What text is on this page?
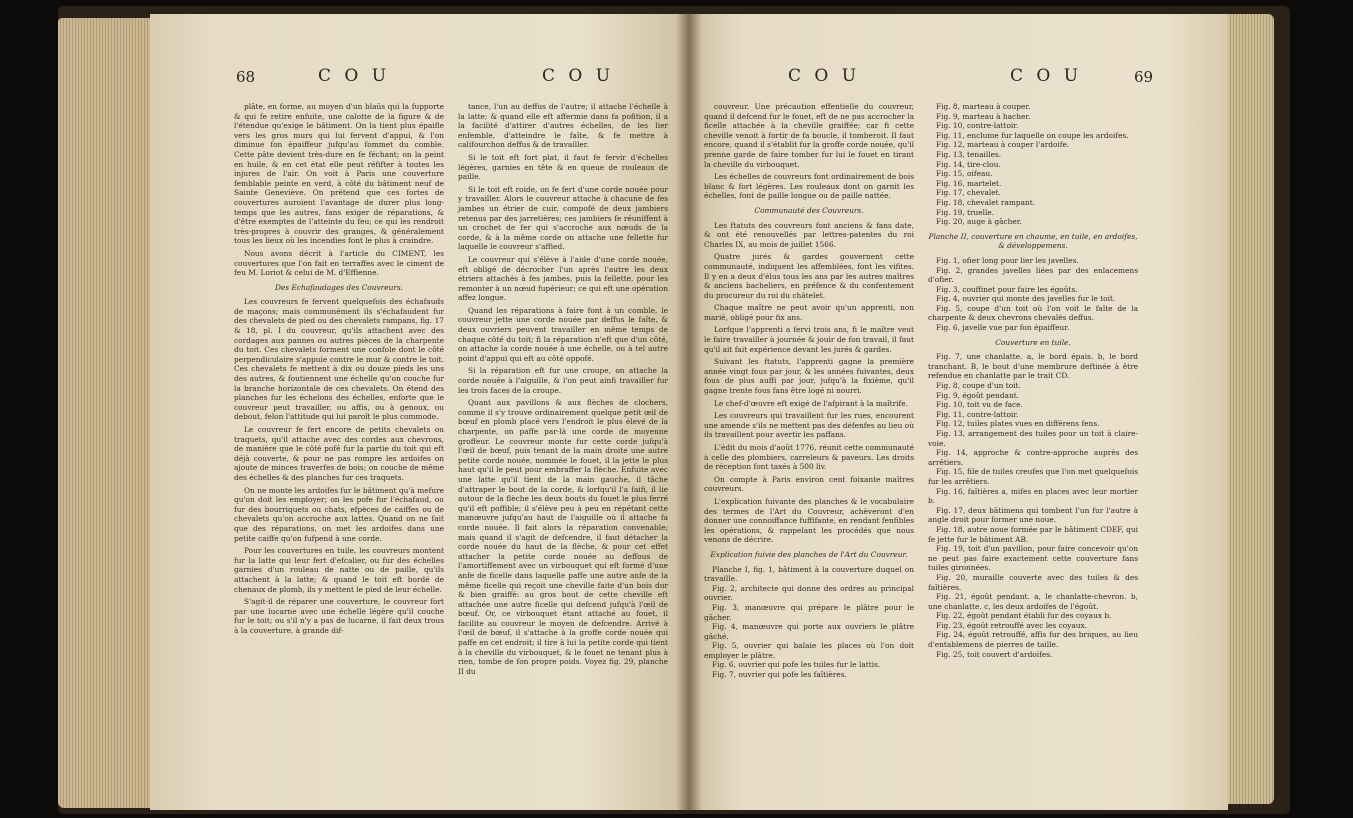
68	C O U	C O U

plâte, en forme, au moyen d'un blaûs qui la fupporte & qui fe retire enfuite, une calotte de la figure & de l'étendue qu'exige le bâtiment. On la tient plus épaifle vers les gros murs qui lui fervent d'appui, & l'on diminue fon épaiffeur jufqu'au fommet du comble. Cette pâte devient très-dure en fe féchant; on la peint en huile, & en cet état elle peut réfifter à toutes les injures de l'air. On voit à Paris une couverture femblable peinte en verd, à côté du bâtiment neuf de Sainte Geneviève. On prétend que ces fortes de couvertures auroient l'avantage de durer plus long-temps que les autres, fans exiger de réparations, & d'être exemptes de l'atteinte du feu; ce qui les rendroit très-propres à couvrir des granges, & généralement tous les lieux où les incendies font le plus à craindre.

Nous avons décrit à l'article du CIMENT, les couvertures que l'on fait en terraffes avec le ciment de feu M. Loriot & celui de M. d'Effienne.

Des Echafaudages des Couvreurs.

Les couvreurs fe fervent quelquefois des échafauds de maçons; mais communément ils s'échafaudent fur des chevalets de pied ou des chevalets rampans, fig. 17 & 18, pl. I du couvreur, qu'ils attachent avec des cordages aux pannes ou autres pièces de la charpente du toit. Ces chevalets forment une confole dont le côté perpendiculaire s'appuie contre le mur & contre le toit. Ces chevalets fe mettent à dix ou douze pieds les uns des autres, & foutiennent une échelle qu'on couche fur la branche horizontale de ces chevalets. On étend des planches fur les échelons des échelles, enforte que le couvreur peut travailler, ou affis, ou à genoux, ou debout, felon l'attitude qui lui paroît le plus commode.

Le couvreur fe fert encore de petits chevalets ou traquets, qu'il attache avec des cordes aux chevrons, de manière que le côté pofé fur la partie du toit qui eft déjà couverte, & pour ne pas rompre les ardoifes on ajoute de minces traverfes de bois; on couche de même des échelles & des planches fur ces traquets.

On ne monte les ardoifes fur le bâtiment qu'à mefure qu'on doit les employer; on les pofe fur l'échafaud, ou fur des bourriquets ou chats, efpèces de caiffes ou de chevalets qu'on accroche aux lattes. Quand on ne fait que des réparations, on met les ardoifes dans une petite caiffe qu'on fufpend à une corde.

Pour les couvertures en tuile, les couvreurs montent fur la latte qui leur fert d'efcalier, ou fur des échelles garnies d'un rouleau de natte ou de paille, qu'ils attachent à la latte; & quand le toit eft bordé de chenaux de plomb, ils y mettent le pied de leur échelle.

S'agit-il de réparer une couverture, le couvreur fort par une lucarne avec une échelle légère qu'il couche fur le toit; ou s'il n'y a pas de lucarne, il fait deux trous à la couverture, à grande dif-

tance, l'un au deffus de l'autre; il attache l'échelle à la latte; & quand elle eft affermie dans fa pofition, il a la facilité d'attirer d'autres échelles, de les lier enfemble, d'atteindre le faîte, & fe mettre à califourchon deffus & de travailler.

Si le toit eft fort plat, il faut fe fervir d'échelles légères, garnies en tête & en queue de rouleaux de paille.

Si le toit eft roide, on fe fert d'une corde nouée pour y travailler. Alors le couvreur attache à chacune de fes jambes un étrier de cuir, compofé de deux jambiers retenus par des jarretières; ces jambiers fe réuniffent à un crochet de fer qui s'accroche aux nœuds de la corde, & à la même corde on attache une fellette fur laquelle le couvreur s'affied.

Le couvreur qui s'élève à l'aide d'une corde nouée, eft obligé de décrocher l'un après l'autre les deux étriers attachés à fes jambes, puis la fellette, pour les remonter à un nœud fupérieur; ce qui eft une opération affez longue.

Quand les réparations à faire font à un comble, le couvreur jette une corde nouée par deffus le faîte, & deux ouvriers peuvent travailler en même temps de chaque côté du toit; fi la réparation n'eft que d'un côté, on attache la corde nouée à une échelle, ou à tel autre point d'appui qui eft au côté oppofé.

Si la réparation eft fur une croupe, on attache la corde nouée à l'aiguille, & l'on peut ainfi travailler fur les trois faces de la croupe.

Quant aux pavillons & aux flèches de clochers, comme il s'y trouve ordinairement quelque petit œil de bœuf en plomb placé vers l'endroit le plus élevé de la charpente, on paffe par-là une corde de moyenne groffeur. Le couvreur monte fur cette corde jufqu'à l'œil de bœuf, puis tenant de la main droite une autre petite corde nouée, nommée le fouet, il la jette le plus haut qu'il le peut pour embraffer la flèche. Enfuite avec une latte qu'il tient de la main gauche, il tâche d'attraper le bout de la corde, & lorfqu'il l'a faifi, il lie autour de la flèche les deux bouts du fouet le plus ferré qu'il eft poffible; il s'élève peu à peu en répétant cette manœuvre jufqu'au haut de l'aiguille où il attache fa corde nouée. Il fait alors la réparation convenable; mais quand il s'agit de defcendre, il faut détacher la corde nouée du haut de la flèche, & pour cet effet attacher la petite corde nouée au deffous de l'amortiffement avec un virbouquet qui eft formé d'une anfe de ficelle dans laquelle paffe une autre anfe de la même ficelle qui reçoit une cheville faite d'un bois dur & bien graiffé: au gros bout de cette cheville eft attachée une autre ficelle qui defcend jufqu'à l'œil de bœuf. Or, ce virbouquet étant attaché au fouet, il facilite au couvreur le moyen de defcendre. Arrivé à l'œil de bœuf, il s'attache à la groffe corde nouée qui paffe en cet endroit; il tire à lui la petite corde qui tient à la cheville du virbouquet, & le fouet ne tenant plus à rien, tombe de fon propre poids. Voyez fig. 29, planche II du

C O U	C O U	69

couvreur. Une précaution effentielle du couvreur, quand il defcend fur le fouet, eft de ne pas accrocher la ficelle attachée à la cheville graiffée; car fi cette cheville venoit à fortir de fa boucle, il tomberoit. Il faut encore, quand il s'établit fur la groffe corde nouée, qu'il prenne garde de faire tomber fur lui le fouet en tirant la cheville du virbouquet.

Les échelles de couvreurs font ordinairement de bois blanc & fort légères. Les rouleaux dont on garnit les échelles, font de paille longue ou de paille nattée.

Communauté des Couvreurs.

Les ftatuts des couvreurs font anciens & fans date, & ont été renouvellés par lettres-patentes du roi Charles IX, au mois de juillet 1566.

Quatre jurés & gardes gouvernent cette communauté, indiquent les affemblées, font les vifites. Il y en a deux d'élus tous les ans par les autres maîtres & anciens bacheliers, en préfence & du confentement du procureur du roi du châtelet.

Chaque maître ne peut avoir qu'un apprenti, non marié, obligé pour fix ans.

Lorfque l'apprenti a fervi trois ans, fi le maître veut le faire travailler à journée & jouir de fon travail, il faut qu'il ait fait expérience devant les jurés & gardes.

Suivant les ftatuts, l'apprenti gagne la première année vingt fous par jour, & les années fuivantes, deux fous de plus auffi par jour, jufqu'à la fixième, qu'il gagne trente fous fans être logé ni nourri.

Le chef-d'œuvre eft exigé de l'afpirant à la maîtrife.

Les couvreurs qui travaillent fur les rues, encourent une amende s'ils ne mettent pas des défenfes au lieu où ils travaillent pour avertir les paffans.

L'édit du mois d'août 1776, réunit cette communauté à celle des plombiers, carreleurs & paveurs. Les droits de réception font taxés à 500 liv.

On compte à Paris environ cent foixante maîtres couvreurs.

L'explication fuivante des planches & le vocabulaire des termes de l'Art du Couvreur, achèveront d'en donner une connoiffance fuffifante, en rendant fenfibles les opérations, & rappelant les procédés que nous venons de décrire.

Explication fuivie des planches de l'Art du Couvreur.

Planche I, fig. 1, bâtiment à la couverture duquel on travaille.

Fig. 2, architecte qui donne des ordres au principal ouvrier.

Fig. 3, manœuvre qui prépare le plâtre pour le gâcher.

Fig. 4, manœuvre qui porte aux ouvriers le plâtre gâché.

Fig. 5, ouvrier qui balaie les places où l'on doit employer le plâtre.

Fig. 6, ouvrier qui pofe les tuiles fur le lattis.

Fig. 7, ouvrier qui pofe les faîtières.

Fig. 8, marteau à couper.

Fig. 9, marteau à hacher.

Fig. 10, contre-lattoir.

Fig. 11, enclume fur laquelle on coupe les ardoifes.

Fig. 12, marteau à couper l'ardoife.

Fig. 13, tenailles.

Fig. 14, tire-clou.

Fig. 15, oifeau.

Fig. 16, martelet.

Fig. 17, chevalet.

Fig. 18, chevalet rampant.

Fig. 19, truelle.

Fig. 20, auge à gâcher.

Planche II, couverture en chaume, en tuile, en ardoifes, & développemens.

Fig. 1, ofier long pour lier les javelles.

Fig. 2, grandes javelles liées par des enlacemens d'ofier.

Fig. 3, couffinet pour faire les égoûts.

Fig. 4, ouvrier qui monte des javelles fur le toit.

Fig. 5, coupe d'un toit où l'on voit le faîte de la charpente & deux chevrons chevalés deffus.

Fig. 6, javelle vue par fon épaiffeur.

Couverture en tuile.

Fig. 7, une chanlatte. a, le bord épais. b, le bord tranchant. B, le bout d'une membrure deftinée à être refendue en chanlatte par le trait CD.

Fig. 8, coupe d'un toit.

Fig. 9, égoût pendant.

Fig. 10, toit vu de face.

Fig. 11, contre-lattoir.

Fig. 12, tuiles plates vues en différens fens.

Fig. 13, arrangement des tuiles pour un toit à claire-voie.

Fig. 14, approche & contre-approche auprès des arrêtiers.

Fig. 15, file de tuiles creufes que l'on met quelquefois fur les arrêtiers.

Fig. 16, faîtières a, mifes en places avec leur mortier b.

Fig. 17, deux bâtimens qui tombent l'un fur l'autre à angle droit pour former une noue.

Fig. 18, autre noue formée par le bâtiment CDEF, qui fe jette fur le bâtiment AB.

Fig. 19, toit d'un pavillon, pour faire concevoir qu'on ne peut pas faire exactement cette couverture fans tuiles gironnées.

Fig. 20, muraille couverte avec des tuiles & des faîtières.

Fig. 21, égoût pendant. a, le chanlatte-chevron. b, une chanlatte. c, les deux ardoifes de l'égoût.

Fig. 22, égoût pendant établi fur des coyaux b.

Fig. 23, égoût retrouffé avec les coyaux.

Fig. 24, égoût retrouffé, affis fur des briques, au lieu d'entablemens de pierres de taille.

Fig. 25, toit couvert d'ardoifes.
